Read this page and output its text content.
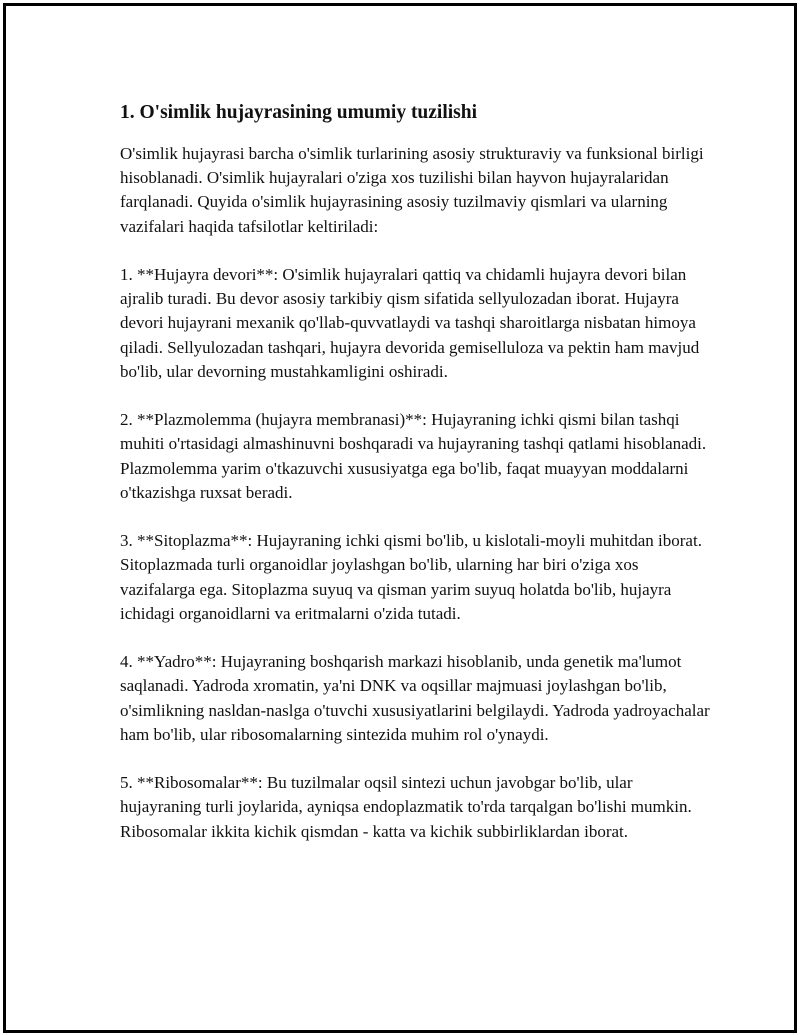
1. O'simlik hujayrasining umumiy tuzilishi

O'simlik hujayrasi barcha o'simlik turlarining asosiy strukturaviy va funksional birligi hisoblanadi. O'simlik hujayralari o'ziga xos tuzilishi bilan hayvon hujayralaridan farqlanadi. Quyida o'simlik hujayrasining asosiy tuzilmaviy qismlari va ularning vazifalari haqida tafsilotlar keltiriladi:

1. **Hujayra devori**: O'simlik hujayralari qattiq va chidamli hujayra devori bilan ajralib turadi. Bu devor asosiy tarkibiy qism sifatida sellyulozadan iborat. Hujayra devori hujayrani mexanik qo'llab-quvvatlaydi va tashqi sharoitlarga nisbatan himoya qiladi. Sellyulozadan tashqari, hujayra devorida gemiselluloza va pektin ham mavjud bo'lib, ular devorning mustahkamligini oshiradi.

2. **Plazmolemma (hujayra membranasi)**: Hujayraning ichki qismi bilan tashqi muhiti o'rtasidagi almashinuvni boshqaradi va hujayraning tashqi qatlami hisoblanadi. Plazmolemma yarim o'tkazuvchi xususiyatga ega bo'lib, faqat muayyan moddalarni o'tkazishga ruxsat beradi.

3. **Sitoplazma**: Hujayraning ichki qismi bo'lib, u kislotali-moyli muhitdan iborat. Sitoplazmada turli organoidlar joylashgan bo'lib, ularning har biri o'ziga xos vazifalarga ega. Sitoplazma suyuq va qisman yarim suyuq holatda bo'lib, hujayra ichidagi organoidlarni va eritmalarni o'zida tutadi.

4. **Yadro**: Hujayraning boshqarish markazi hisoblanib, unda genetik ma'lumot saqlanadi. Yadroda xromatin, ya'ni DNK va oqsillar majmuasi joylashgan bo'lib, o'simlikning nasldan-naslga o'tuvchi xususiyatlarini belgilaydi. Yadroda yadroyachalar ham bo'lib, ular ribosomalarning sintezida muhim rol o'ynaydi.

5. **Ribosomalar**: Bu tuzilmalar oqsil sintezi uchun javobgar bo'lib, ular hujayraning turli joylarida, ayniqsa endoplazmatik to'rda tarqalgan bo'lishi mumkin. Ribosomalar ikkita kichik qismdan - katta va kichik subbirliklardan iborat.
